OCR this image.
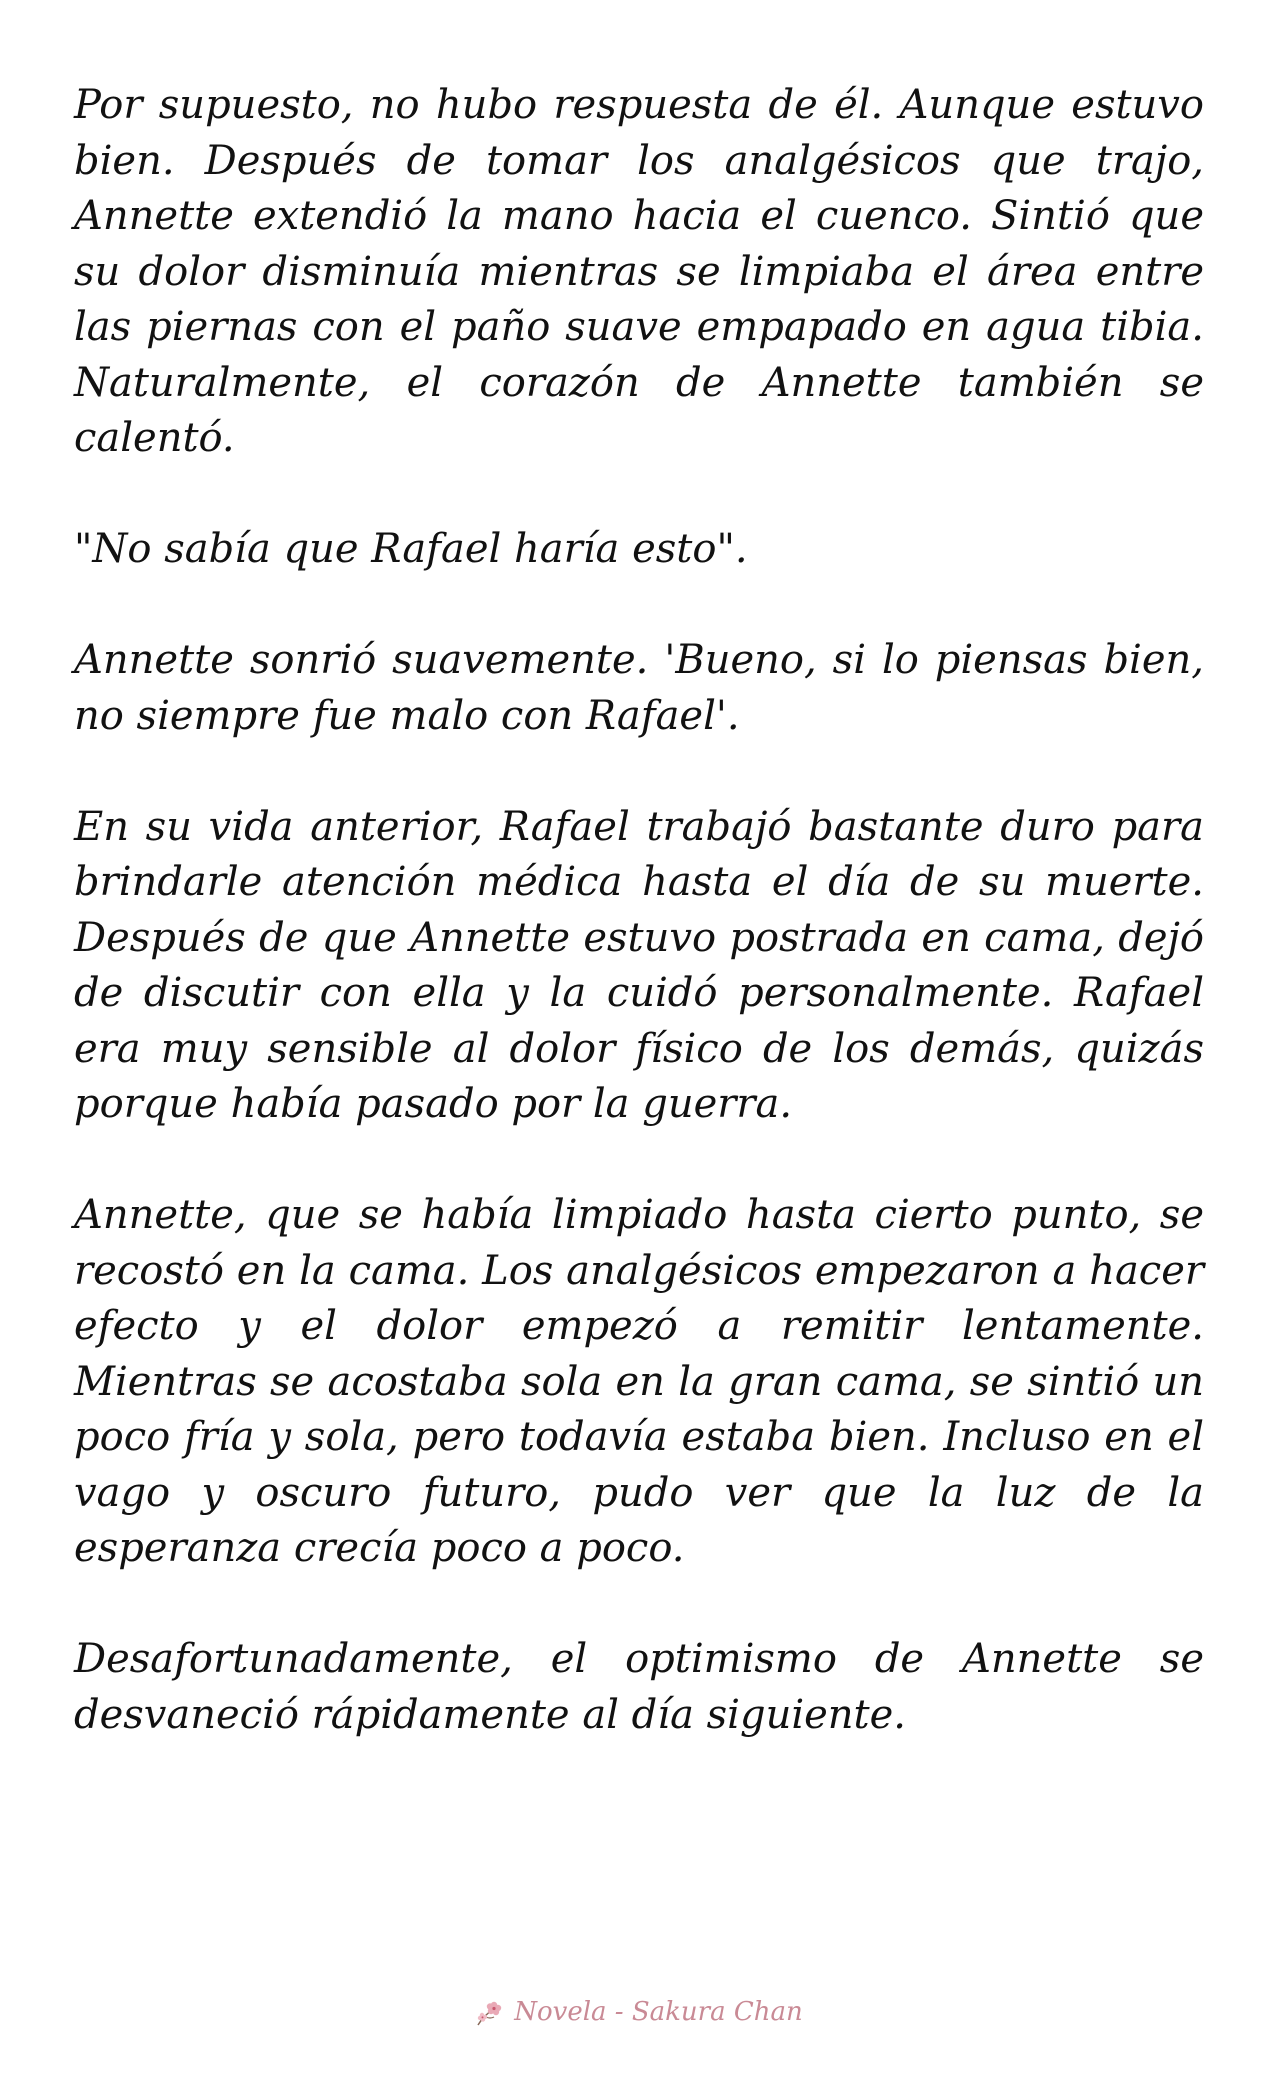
Por supuesto, no hubo respuesta de él. Aunque estuvo bien. Después de tomar los analgésicos que trajo, Annette extendió la mano hacia el cuenco. Sintió que su dolor disminuía mientras se limpiaba el área entre las piernas con el paño suave empapado en agua tibia. Naturalmente, el corazón de Annette también se calentó.

"No sabía que Rafael haría esto".

Annette sonrió suavemente. 'Bueno, si lo piensas bien, no siempre fue malo con Rafael'.

En su vida anterior, Rafael trabajó bastante duro para brindarle atención médica hasta el día de su muerte. Después de que Annette estuvo postrada en cama, dejó de discutir con ella y la cuidó personalmente. Rafael era muy sensible al dolor físico de los demás, quizás porque había pasado por la guerra.

Annette, que se había limpiado hasta cierto punto, se recostó en la cama. Los analgésicos empezaron a hacer efecto y el dolor empezó a remitir lentamente. Mientras se acostaba sola en la gran cama, se sintió un poco fría y sola, pero todavía estaba bien. Incluso en el vago y oscuro futuro, pudo ver que la luz de la esperanza crecía poco a poco.

Desafortunadamente, el optimismo de Annette se desvaneció rápidamente al día siguiente.

Novela - Sakura Chan
